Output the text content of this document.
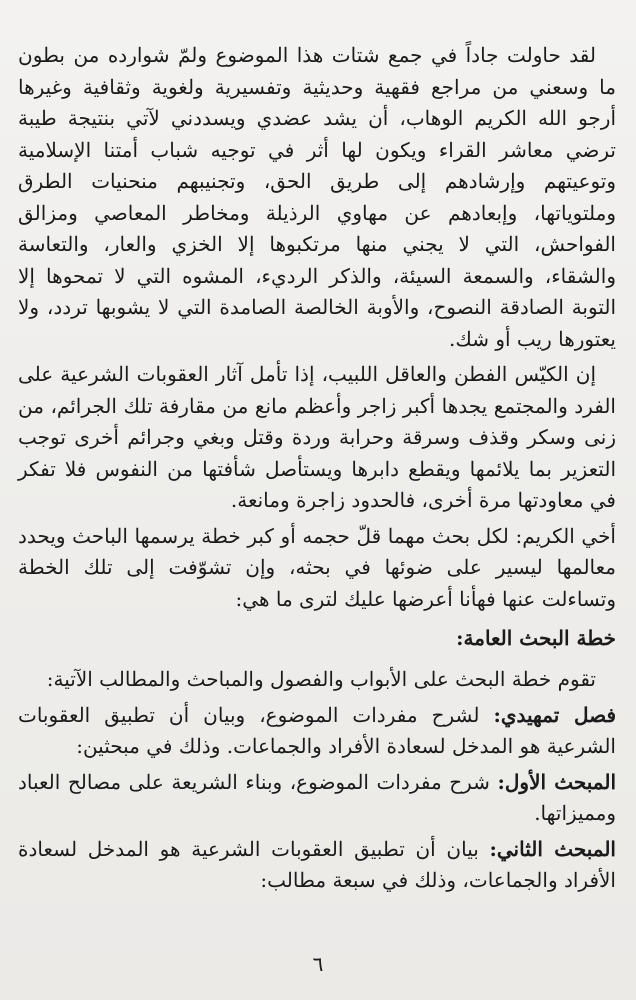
لقد حاولت جاداً في جمع شتات هذا الموضوع ولمّ شوارده من بطون ما وسعني من مراجع فقهية وحديثية وتفسيرية ولغوية وثقافية وغيرها أرجو الله الكريم الوهاب، أن يشد عضدي ويسددني لآتي بنتيجة طيبة ترضي معاشر القراء ويكون لها أثر في توجيه شباب أمتنا الإسلامية وتوعيتهم وإرشادهم إلى طريق الحق، وتجنيبهم منحنيات الطرق وملتوياتها، وإبعادهم عن مهاوي الرذيلة ومخاطر المعاصي ومزالق الفواحش، التي لا يجني منها مرتكبوها إلا الخزي والعار، والتعاسة والشقاء، والسمعة السيئة، والذكر الرديء، المشوه التي لا تمحوها إلا التوبة الصادقة النصوح، والأوبة الخالصة الصامدة التي لا يشوبها تردد، ولا يعتورها ريب أو شك.

إن الكيّس الفطن والعاقل اللبيب، إذا تأمل آثار العقوبات الشرعية على الفرد والمجتمع يجدها أكبر زاجر وأعظم مانع من مقارفة تلك الجرائم، من زنى وسكر وقذف وسرقة وحرابة وردة وقتل وبغي وجرائم أخرى توجب التعزير بما يلائمها ويقطع دابرها ويستأصل شأفتها من النفوس فلا تفكر في معاودتها مرة أخرى، فالحدود زاجرة ومانعة.

أخي الكريم: لكل بحث مهما قلّ حجمه أو كبر خطة يرسمها الباحث ويحدد معالمها ليسير على ضوئها في بحثه، وإن تشوّفت إلى تلك الخطة وتساءلت عنها فهأنا أعرضها عليك لترى ما هي:

خطة البحث العامة:

تقوم خطة البحث على الأبواب والفصول والمباحث والمطالب الآتية:

فصل تمهيدي: لشرح مفردات الموضوع، وبيان أن تطبيق العقوبات الشرعية هو المدخل لسعادة الأفراد والجماعات. وذلك في مبحثين:

المبحث الأول: شرح مفردات الموضوع، وبناء الشريعة على مصالح العباد ومميزاتها.

المبحث الثاني: بيان أن تطبيق العقوبات الشرعية هو المدخل لسعادة الأفراد والجماعات، وذلك في سبعة مطالب:

٦
